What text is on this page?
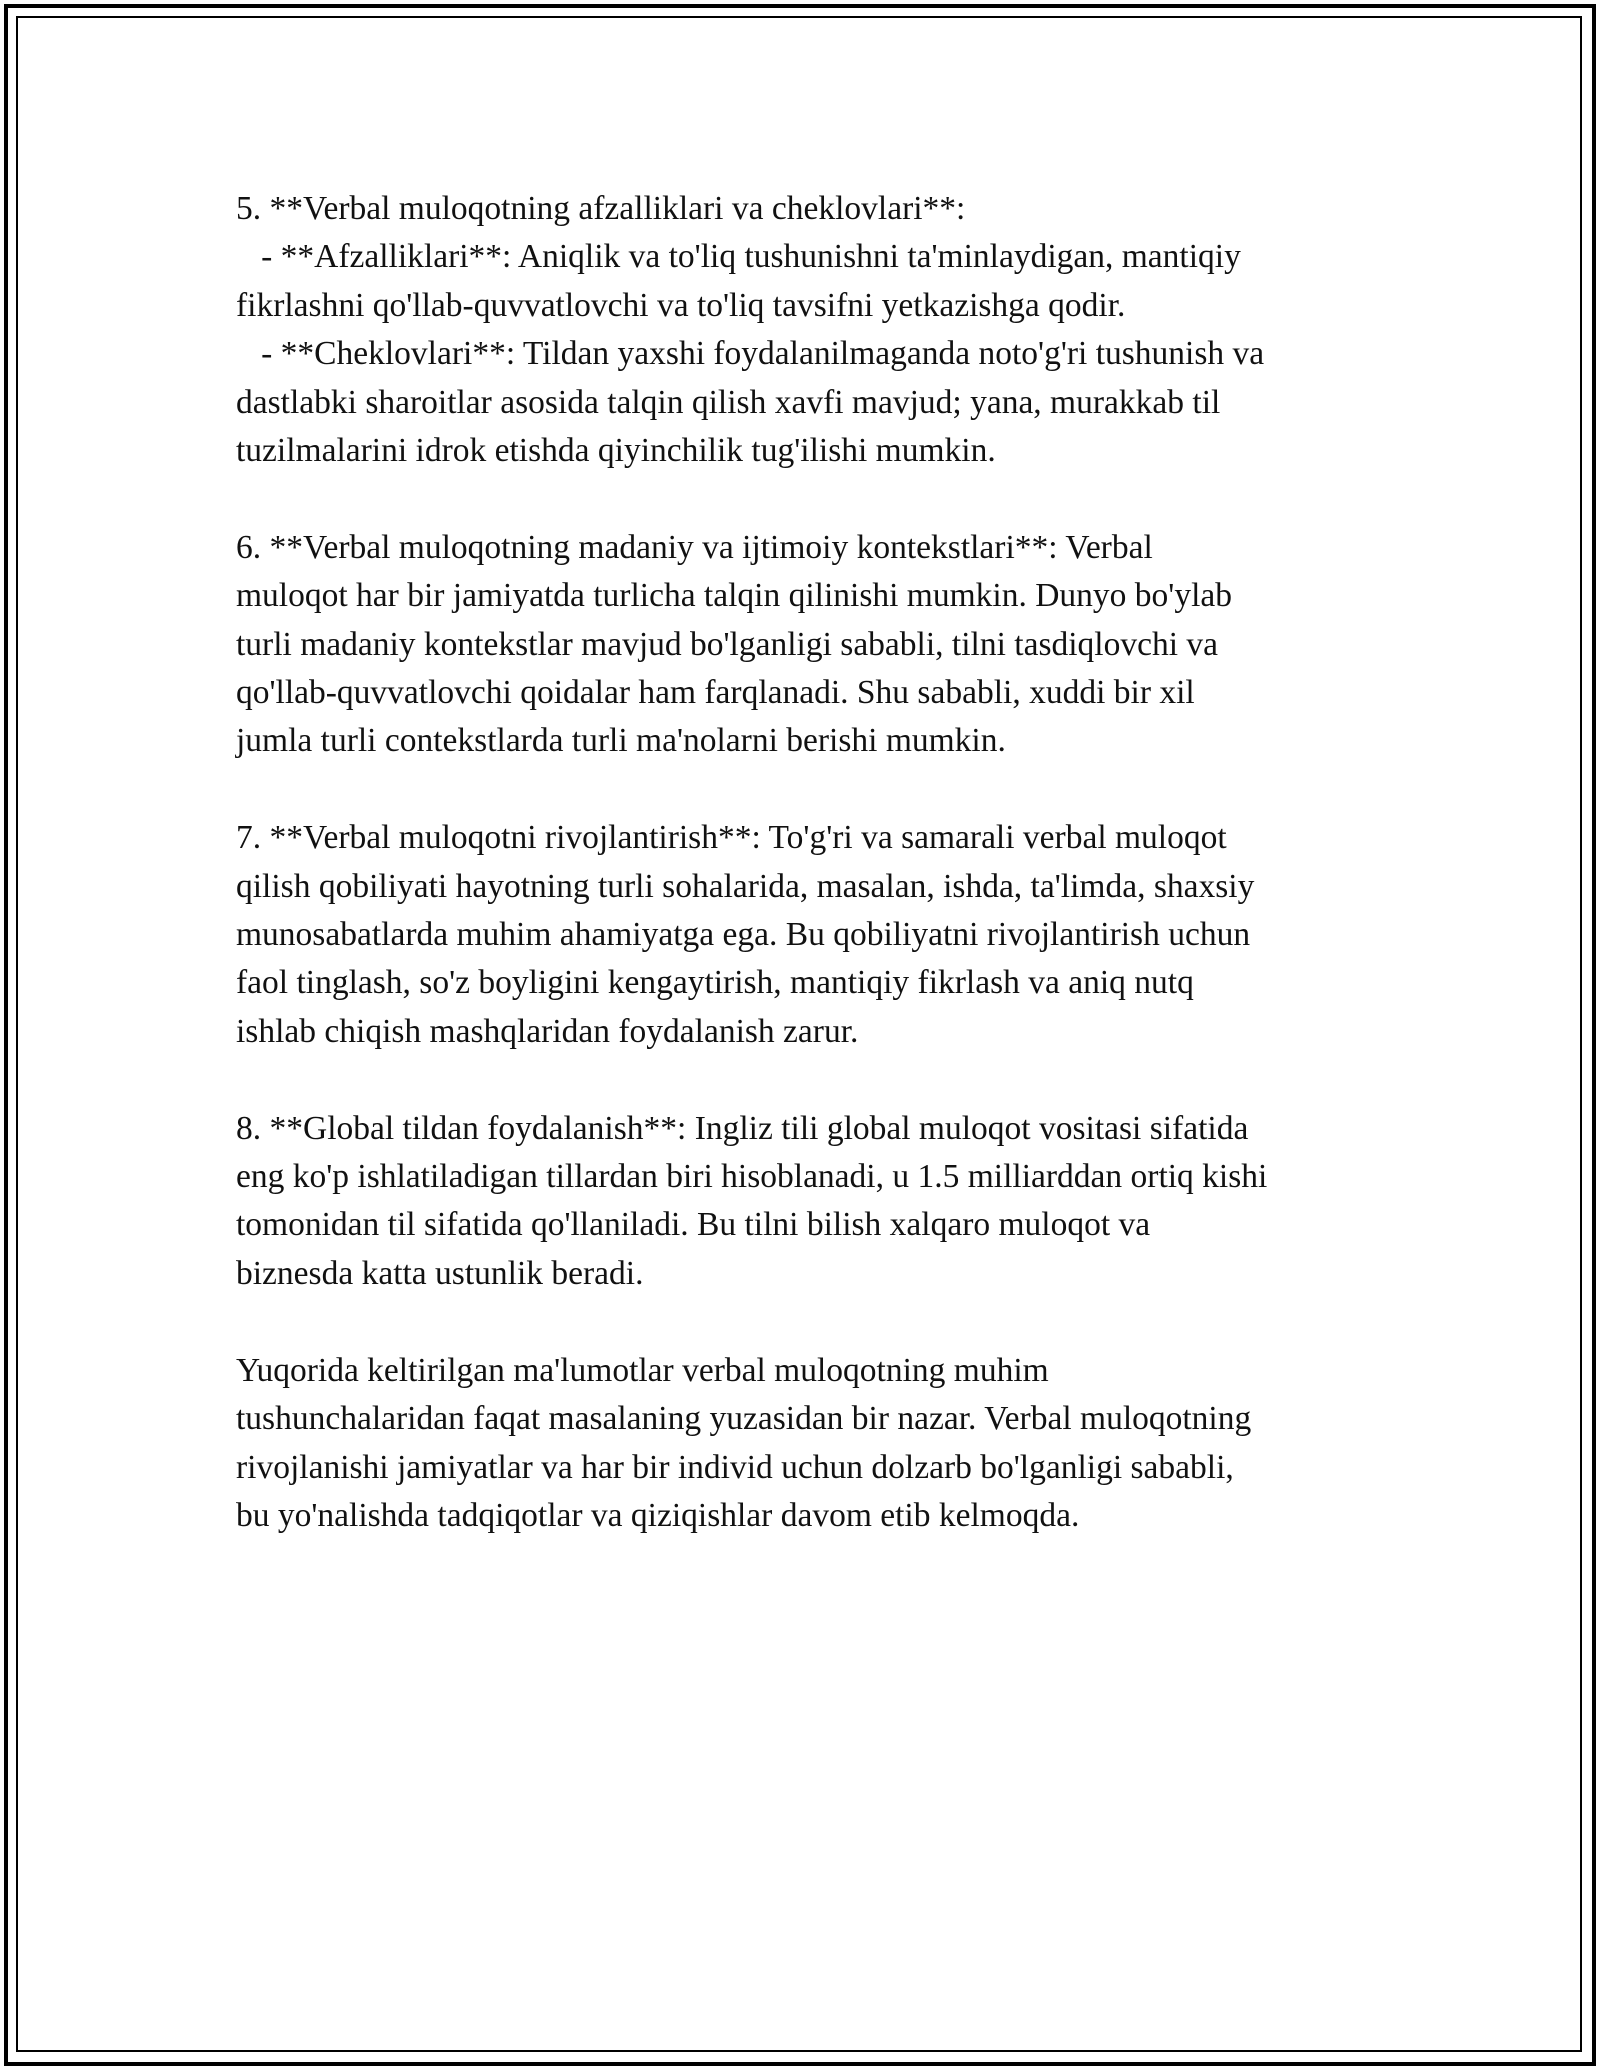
5. **Verbal muloqotning afzalliklari va cheklovlari**:
- **Afzalliklari**: Aniqlik va to'liq tushunishni ta'minlaydigan, mantiqiy
fikrlashni qo'llab-quvvatlovchi va to'liq tavsifni yetkazishga qodir.
- **Cheklovlari**: Tildan yaxshi foydalanilmaganda noto'g'ri tushunish va
dastlabki sharoitlar asosida talqin qilish xavfi mavjud; yana, murakkab til
tuzilmalarini idrok etishda qiyinchilik tug'ilishi mumkin.
6. **Verbal muloqotning madaniy va ijtimoiy kontekstlari**: Verbal
muloqot har bir jamiyatda turlicha talqin qilinishi mumkin. Dunyo bo'ylab
turli madaniy kontekstlar mavjud bo'lganligi sababli, tilni tasdiqlovchi va
qo'llab-quvvatlovchi qoidalar ham farqlanadi. Shu sababli, xuddi bir xil
jumla turli contekstlarda turli ma'nolarni berishi mumkin.
7. **Verbal muloqotni rivojlantirish**: To'g'ri va samarali verbal muloqot
qilish qobiliyati hayotning turli sohalarida, masalan, ishda, ta'limda, shaxsiy
munosabatlarda muhim ahamiyatga ega. Bu qobiliyatni rivojlantirish uchun
faol tinglash, so'z boyligini kengaytirish, mantiqiy fikrlash va aniq nutq
ishlab chiqish mashqlaridan foydalanish zarur.
8. **Global tildan foydalanish**: Ingliz tili global muloqot vositasi sifatida
eng ko'p ishlatiladigan tillardan biri hisoblanadi, u 1.5 milliarddan ortiq kishi
tomonidan til sifatida qo'llaniladi. Bu tilni bilish xalqaro muloqot va
biznesda katta ustunlik beradi.
Yuqorida keltirilgan ma'lumotlar verbal muloqotning muhim
tushunchalaridan faqat masalaning yuzasidan bir nazar. Verbal muloqotning
rivojlanishi jamiyatlar va har bir individ uchun dolzarb bo'lganligi sababli,
bu yo'nalishda tadqiqotlar va qiziqishlar davom etib kelmoqda.
